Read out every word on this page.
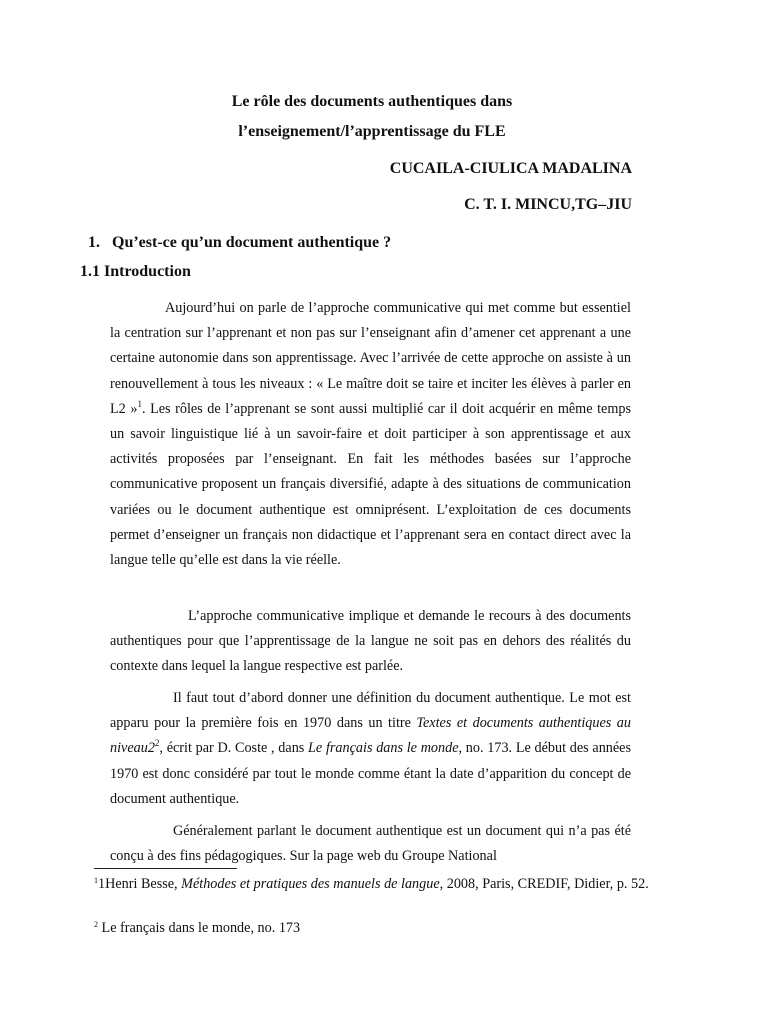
Le rôle des documents authentiques dans
l’enseignement/l’apprentissage du FLE
CUCAILA-CIULICA MADALINA
C. T. I. MINCU,TG–JIU
1. Qu’est-ce qu’un document authentique ?
1.1 Introduction

Aujourd’hui on parle de l’approche communicative qui met comme but essentiel la centration sur l’apprenant et non pas sur l’enseignant afin d’amener cet apprenant a une certaine autonomie dans son apprentissage. Avec l’arrivée de cette approche on assiste à un renouvellement à tous les niveaux : « Le maître doit se taire et inciter les élèves à parler en L2 »$^1$. Les rôles de l’apprenant se sont aussi multiplié car il doit acquérir en même temps un savoir linguistique lié à un savoir-faire et doit participer à son apprentissage et aux activités proposées par l’enseignant. En fait les méthodes basées sur l’approche communicative proposent un français diversifié, adapte à des situations de communication variées ou le document authentique est omniprésent. L’exploitation de ces documents permet d’enseigner un français non didactique et l’apprenant sera en contact direct avec la langue telle qu’elle est dans la vie réelle.

L’approche communicative implique et demande le recours à des documents authentiques pour que l’apprentissage de la langue ne soit pas en dehors des réalités du contexte dans lequel la langue respective est parlée.

Il faut tout d’abord donner une définition du document authentique. Le mot est apparu pour la première fois en 1970 dans un titre Textes et documents authentiques au $niveau2^2$, écrit par D. Coste , dans Le français dans le monde, no. 173. Le début des années 1970 est donc considéré par tout le monde comme étant la date d’apparition du concept de document authentique.

Généralement parlant le document authentique est un document qui n’a pas été conçu à des fins pédagogiques. Sur la page web du Groupe National

$^1$1Henri Besse, Méthodes et pratiques des manuels de langue, 2008, Paris, CREDIF, Didier, p. 52.

$^2$ Le français dans le monde, no. 173
